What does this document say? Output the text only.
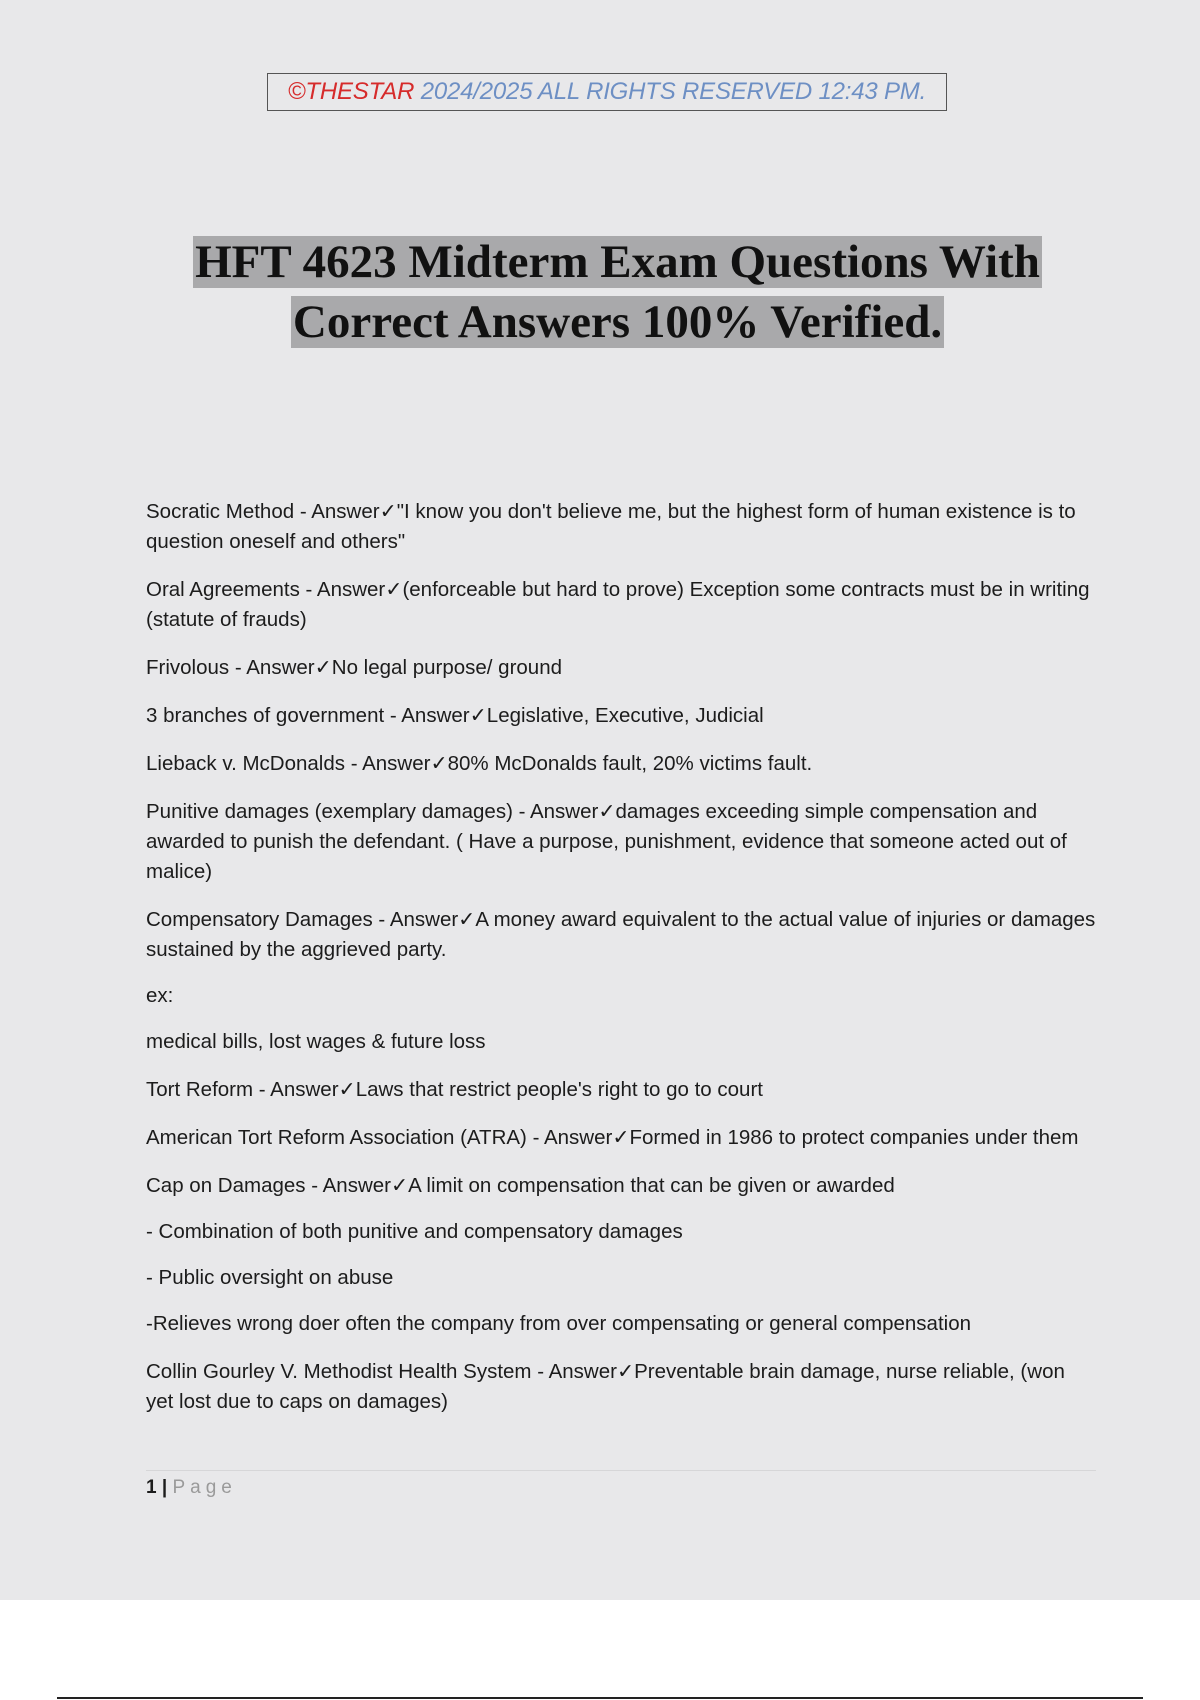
©THESTAR 2024/2025 ALL RIGHTS RESERVED 12:43 PM.
HFT 4623 Midterm Exam Questions With
Correct Answers 100% Verified.

Socratic Method - Answer✓"I know you don't believe me, but the highest form of human existence is to question oneself and others"

Oral Agreements - Answer✓(enforceable but hard to prove) Exception some contracts must be in writing (statute of frauds)

Frivolous - Answer✓No legal purpose/ ground

3 branches of government - Answer✓Legislative, Executive, Judicial

Lieback v. McDonalds - Answer✓80% McDonalds fault, 20% victims fault.

Punitive damages (exemplary damages) - Answer✓damages exceeding simple compensation and awarded to punish the defendant. ( Have a purpose, punishment, evidence that someone acted out of malice)

Compensatory Damages - Answer✓A money award equivalent to the actual value of injuries or damages sustained by the aggrieved party.

ex:

medical bills, lost wages & future loss

Tort Reform - Answer✓Laws that restrict people's right to go to court

American Tort Reform Association (ATRA) - Answer✓Formed in 1986 to protect companies under them

Cap on Damages - Answer✓A limit on compensation that can be given or awarded

- Combination of both punitive and compensatory damages

- Public oversight on abuse

-Relieves wrong doer often the company from over compensating or general compensation

Collin Gourley V. Methodist Health System - Answer✓Preventable brain damage, nurse reliable, (won yet lost due to caps on damages)

1 | Page
